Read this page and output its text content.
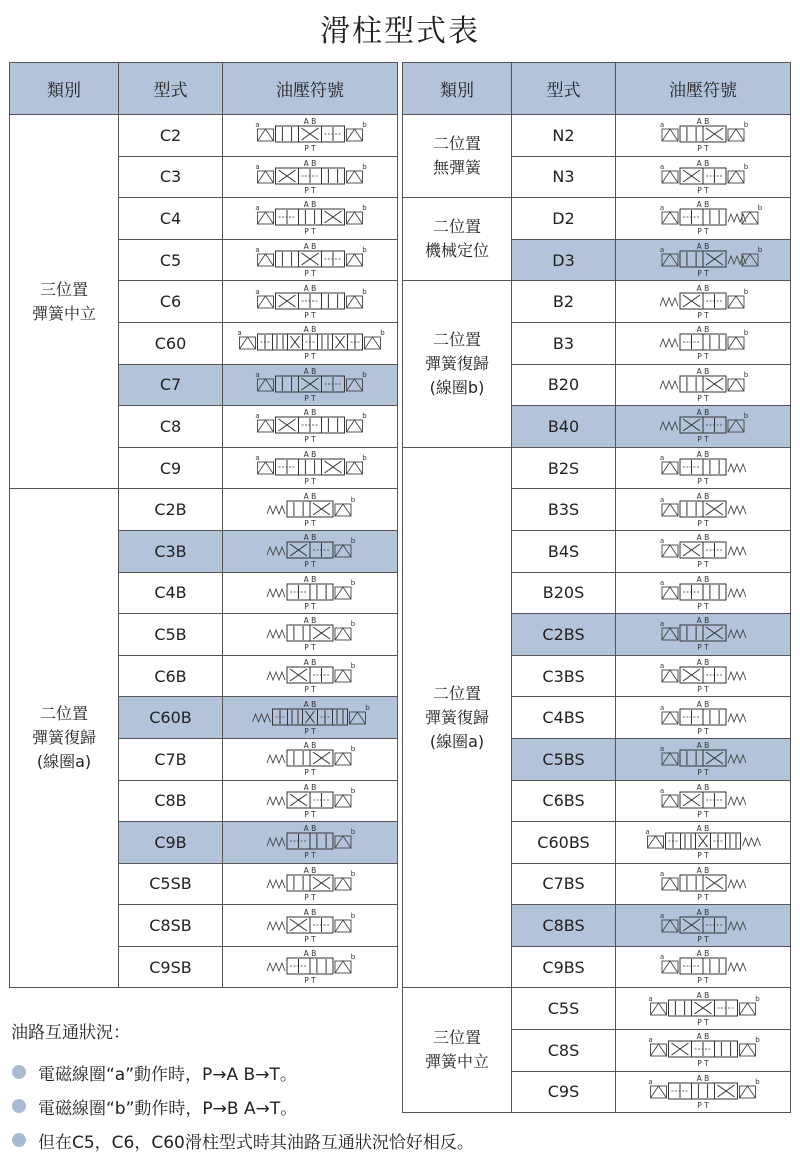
滑柱型式表
類別	型式	油壓符號
三位置
彈簧中立	C2	a b
A B
P T

	C3	a b
A B
P T

	C4	a b
A B
P T

	C5	a b
A B
P T

	C6	a b
A B
P T

	C60	a b
A B
P T

	C7	a b
A B
P T

	C8	a b
A B
P T

	C9	a b
A B
P T

二位置
彈簧復歸
(線圈a)	C2B	b
A B
P T

	C3B	b
A B
P T

	C4B	b
A B
P T

	C5B	b
A B
P T

	C6B	b
A B
P T

	C60B	b
A B
P T

	C7B	b
A B
P T

	C8B	b
A B
P T

	C9B	b
A B
P T

	C5SB	b
A B
P T

	C8SB	b
A B
P T

	C9SB	b
A B
P T
類別	型式	油壓符號
二位置
無彈簧	N2	a b
A B
P T

	N3	a b
A B
P T

二位置
機械定位	D2	a b
A B
P T

	D3	a b
A B
P T

二位置
彈簧復歸
(線圈b)	B2	b
A B
P T

	B3	b
A B
P T

	B20	b
A B
P T

	B40	b
A B
P T

二位置
彈簧復歸
(線圈a)	B2S	a A B
P T

	B3S	a A B
P T

	B4S	a A B
P T

	B20S	a A B
P T

	C2BS	a A B
P T

	C3BS	a A B
P T

	C4BS	a A B
P T

	C5BS	a A B
P T

	C6BS	a A B
P T

	C60BS	a A B
P T

	C7BS	a A B
P T

	C8BS	a A B
P T

	C9BS	a A B
P T

三位置
彈簧中立	C5S	a b
A B
P T

	C8S	a b
A B
P T

	C9S	a b
A B
P T
油路互通狀況：
電磁線圈“a”動作時，P→A B→T。
電磁線圈“b”動作時，P→B A→T。
但在C5，C6，C60滑柱型式時其油路互通狀況恰好相反。
